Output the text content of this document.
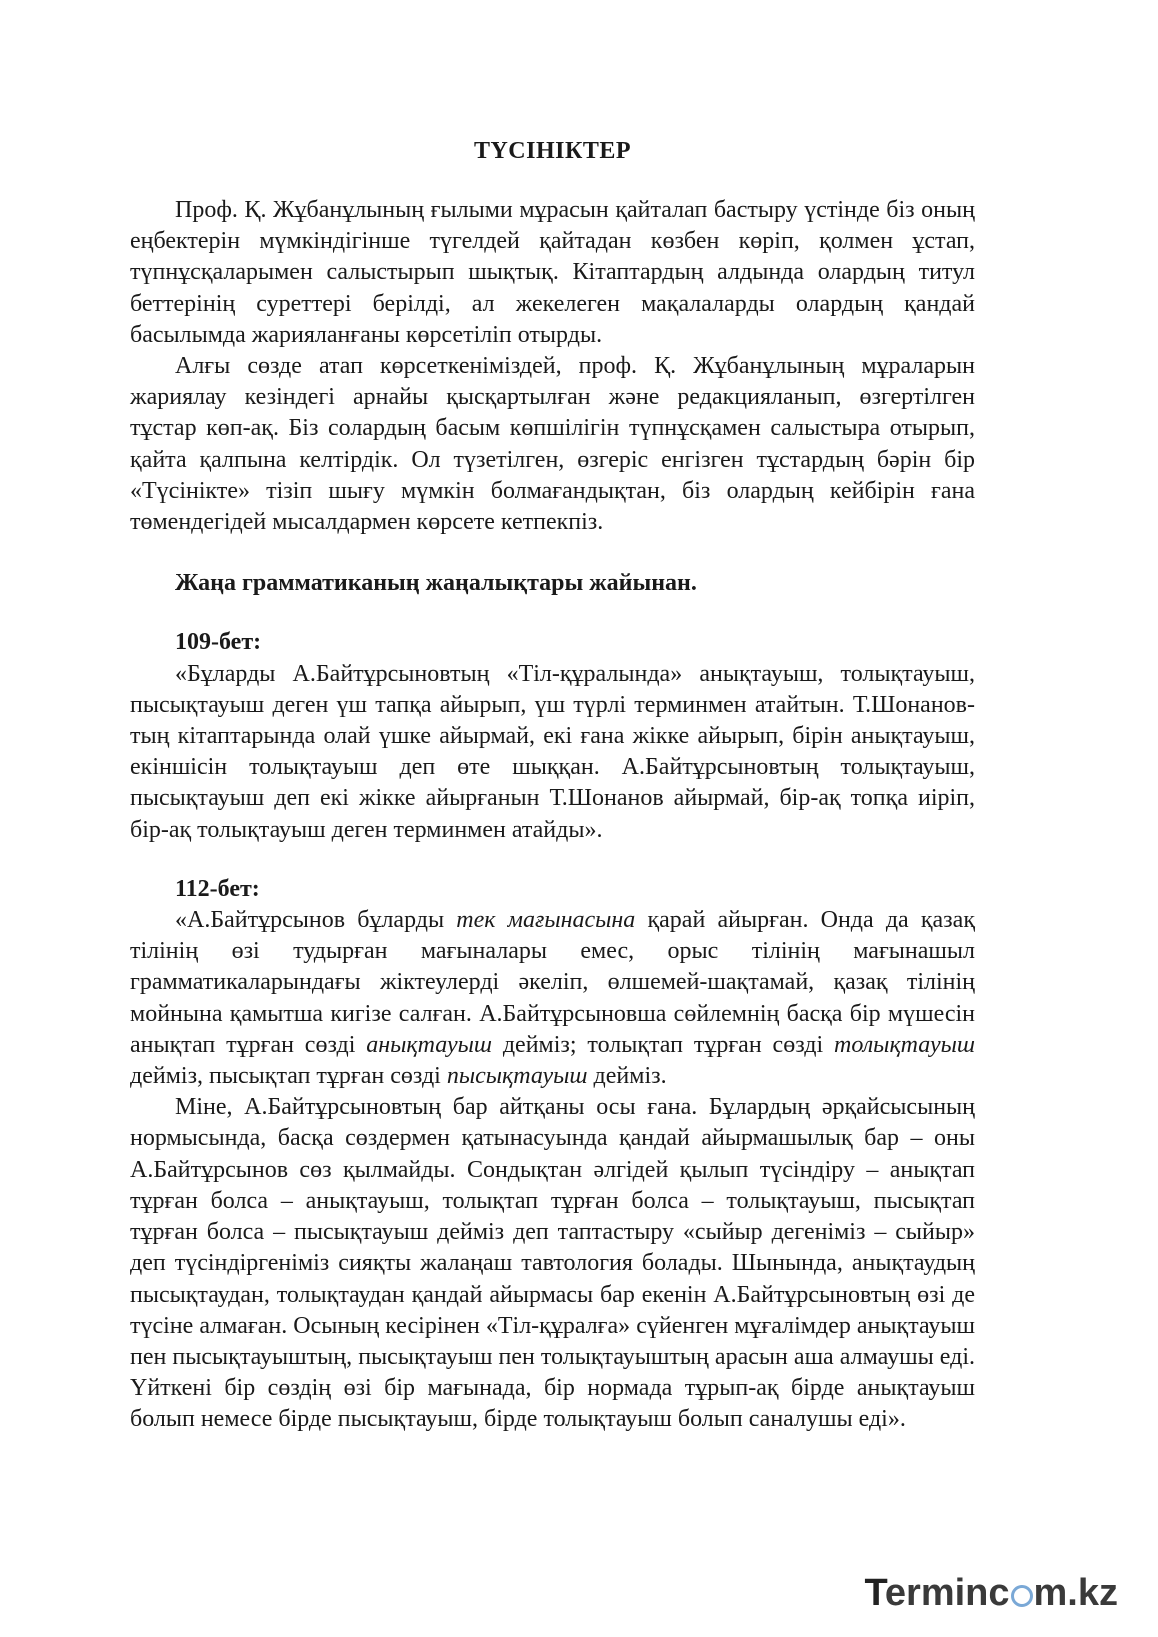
ТҮСІНІКТЕР

Проф. Қ. Жұбанұлының ғылыми мұрасын қайталап бастыру үстінде біз оның еңбектерін мүмкіндігінше түгелдей қайтадан көзбен көріп, қолмен ұстап, түпнұсқаларымен салыстырып шықтық. Кітаптардың алдында олардың титул беттерінің суреттері берілді, ал жекелеген мақалаларды олардың қандай басылымда жарияланғаны көрсетіліп отырды.

Алғы сөзде атап көрсеткеніміздей, проф. Қ. Жұбанұлының мұраларын жариялау кезіндегі арнайы қысқартылған және редакцияланып, өзгертілген тұстар көп-ақ. Біз солардың басым көпшілігін түпнұсқамен салыстыра отырып, қайта қалпына келтірдік. Ол түзетілген, өзгеріс енгізген тұстардың бәрін бір «Түсінікте» тізіп шығу мүмкін болмағандықтан, біз олардың кейбірін ғана төмендегідей мысалдармен көрсете кетпекпіз.

Жаңа грамматиканың жаңалықтары жайынан.
109-бет:

«Бұларды А.Байтұрсыновтың «Тіл-құралында» анықтауыш, толықтауыш, пысықтауыш деген үш тапқа айырып, үш түрлі терминмен атайтын. Т.Шонанов-тың кітаптарында олай үшке айырмай, екі ғана жікке айырып, бірін анықтауыш, екіншісін толықтауыш деп өте шыққан. А.Байтұрсыновтың толықтауыш, пысықтауыш деп екі жікке айырғанын Т.Шонанов айырмай, бір-ақ топқа иіріп, бір-ақ толықтауыш деген терминмен атайды».

112-бет:

«А.Байтұрсынов бұларды тек мағынасына қарай айырған. Онда да қазақ тілінің өзі тудырған мағыналары емес, орыс тілінің мағынашыл грамматикаларындағы жіктеулерді әкеліп, өлшемей-шақтамай, қазақ тілінің мойнына қамытша кигізе салған. А.Байтұрсыновша сөйлемнің басқа бір мүшесін анықтап тұрған сөзді анықтауыш дейміз; толықтап тұрған сөзді толықтауыш дейміз, пысықтап тұрған сөзді пысықтауыш дейміз.

Міне, А.Байтұрсыновтың бар айтқаны осы ғана. Бұлардың әрқайсысының нормысында, басқа сөздермен қатынасуында қандай айырмашылық бар – оны А.Байтұрсынов сөз қылмайды. Сондықтан әлгідей қылып түсіндіру – анықтап тұрған болса – анықтауыш, толықтап тұрған болса – толықтауыш, пысықтап тұрған болса – пысықтауыш дейміз деп таптастыру «сыйыр дегеніміз – сыйыр» деп түсіндіргеніміз сияқты жалаңаш тавтология болады. Шынында, анықтаудың пысықтаудан, толықтаудан қандай айырмасы бар екенін А.Байтұрсыновтың өзі де түсіне алмаған. Осының кесірінен «Тіл-құралға» сүйенген мұғалімдер анықтауыш пен пысықтауыштың, пысықтауыш пен толықтауыштың арасын аша алмаушы еді. Үйткені бір сөздің өзі бір мағынада, бір нормада тұрып-ақ бірде анықтауыш болып немесе бірде пысықтауыш, бірде толықтауыш болып саналушы еді».

Terminc m.kz
